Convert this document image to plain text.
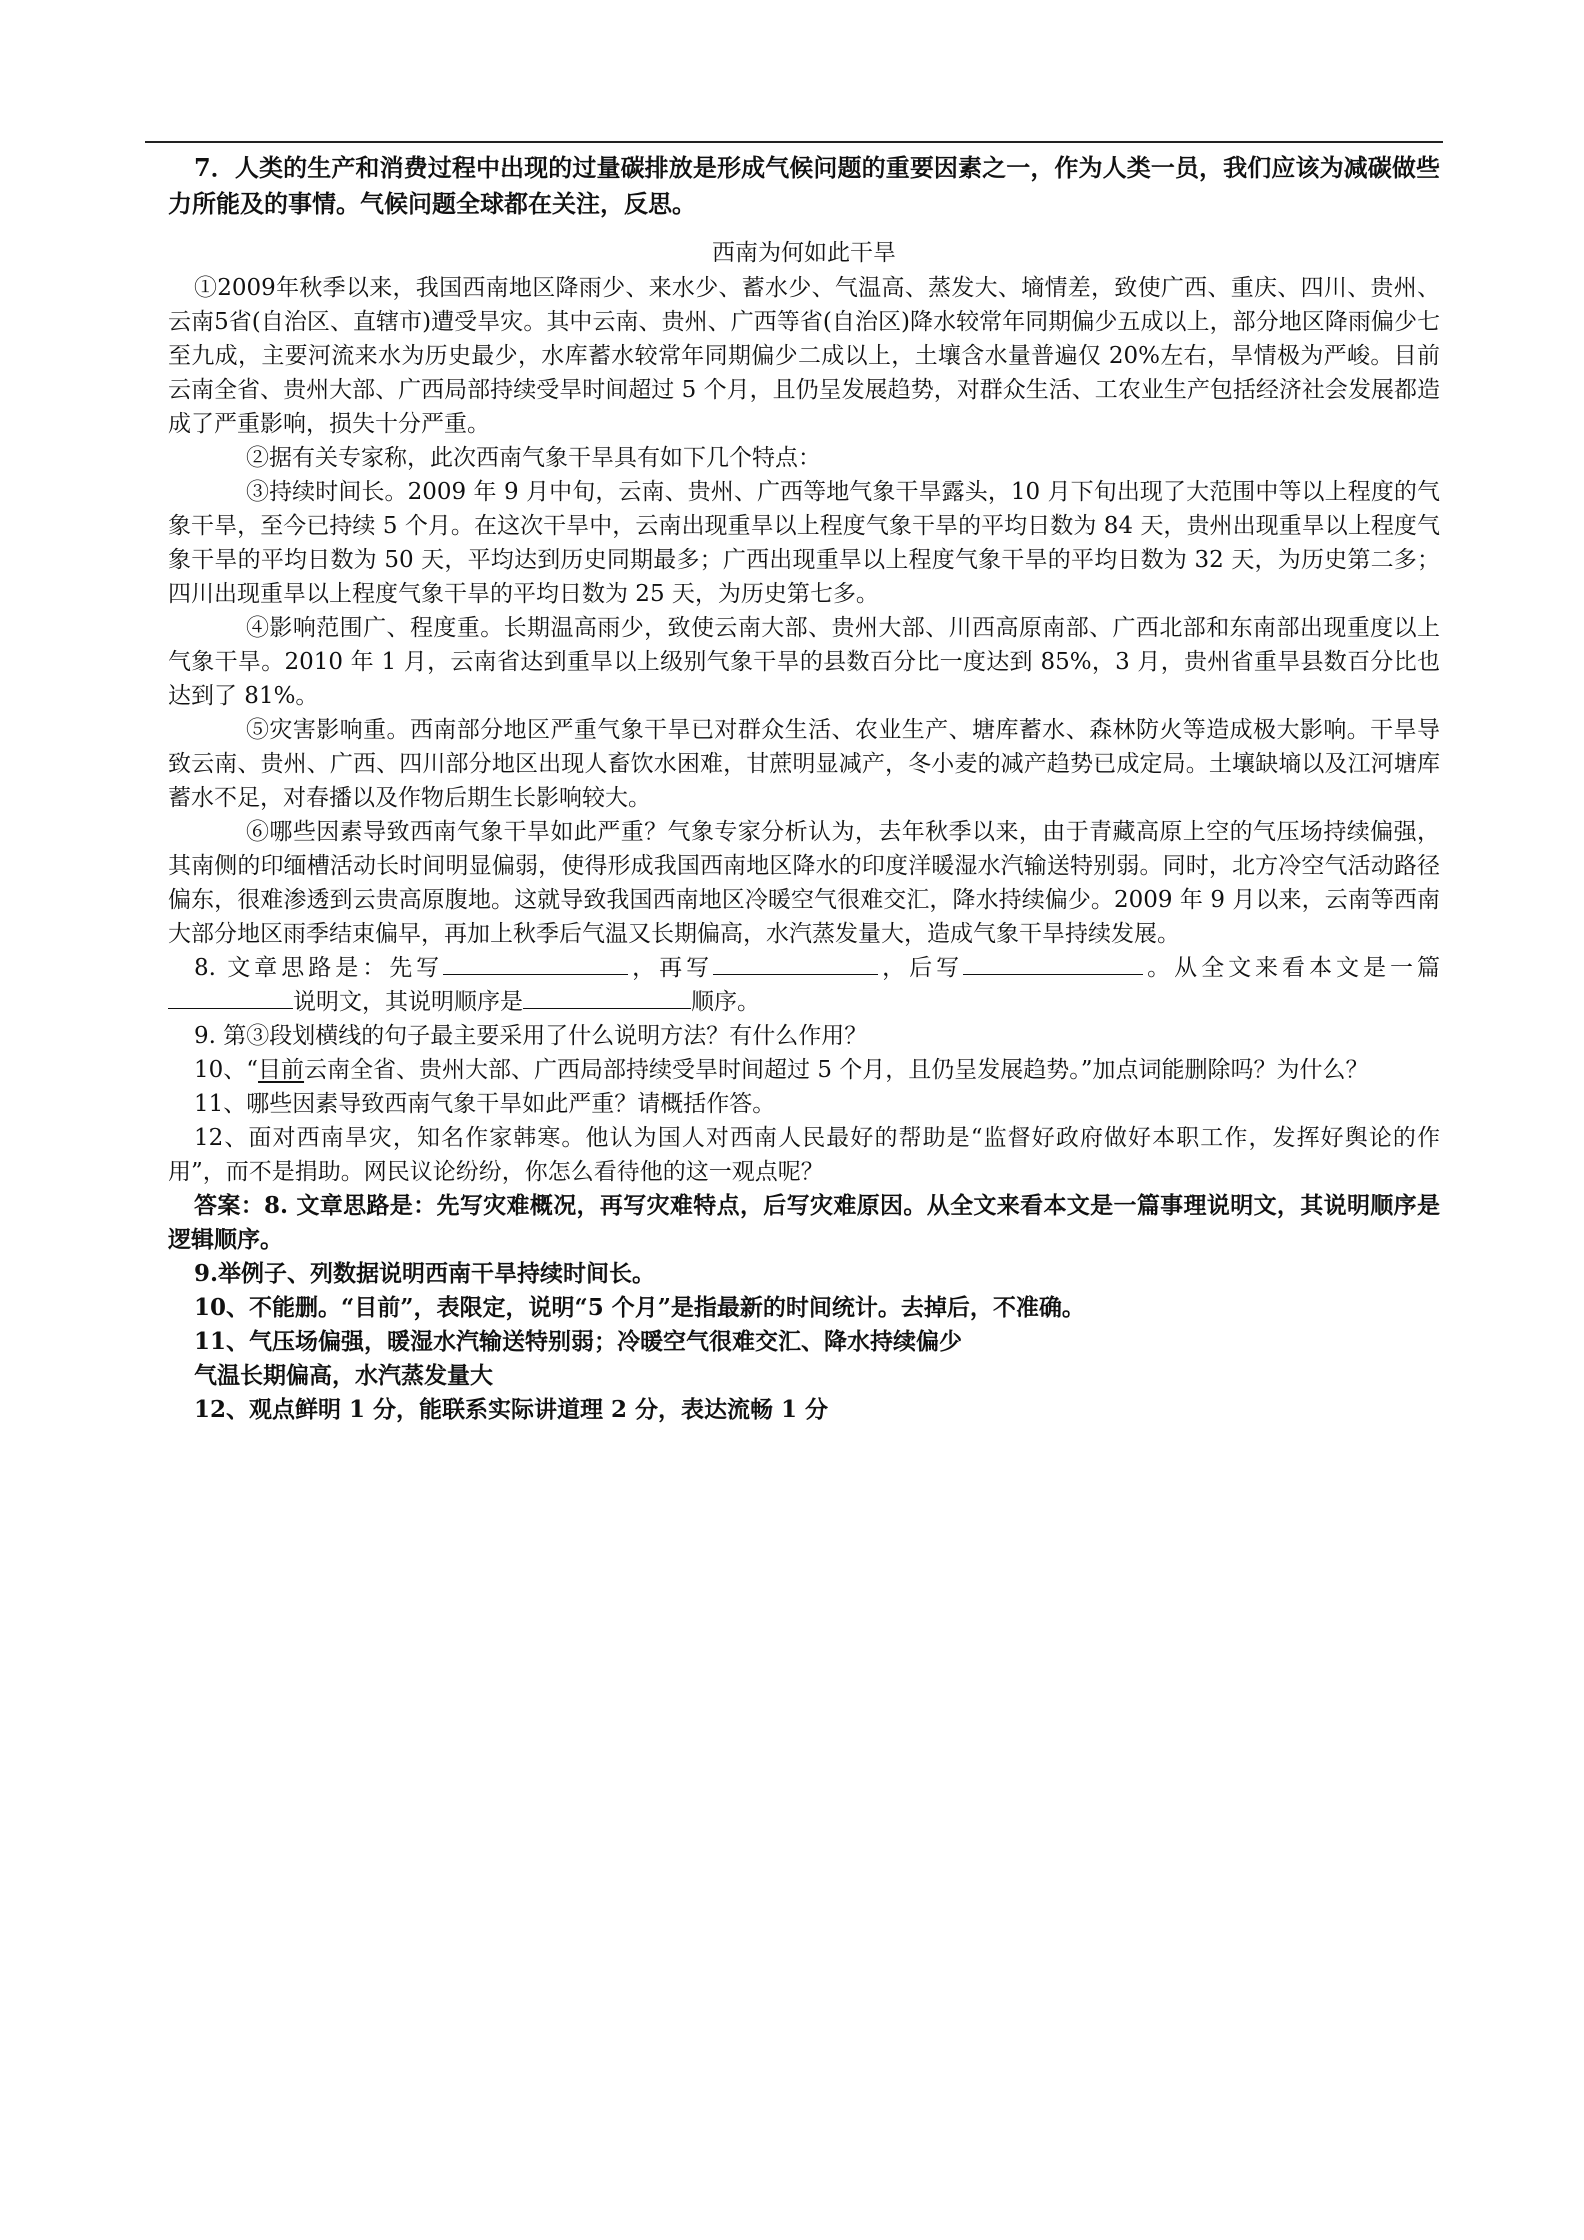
7．人类的生产和消费过程中出现的过量碳排放是形成气候问题的重要因素之一，作为人类一员，我们应该为减碳做些力所能及的事情。气候问题全球都在关注，反思。

西南为何如此干旱

①2009年秋季以来，我国西南地区降雨少、来水少、蓄水少、气温高、蒸发大、墒情差，致使广西、重庆、四川、贵州、云南5省(自治区、直辖市)遭受旱灾。其中云南、贵州、广西等省(自治区)降水较常年同期偏少五成以上，部分地区降雨偏少七至九成，主要河流来水为历史最少，水库蓄水较常年同期偏少二成以上，土壤含水量普遍仅 20%左右，旱情极为严峻。目前云南全省、贵州大部、广西局部持续受旱时间超过 5 个月，且仍呈发展趋势，对群众生活、工农业生产包括经济社会发展都造成了严重影响，损失十分严重。

②据有关专家称，此次西南气象干旱具有如下几个特点：

③持续时间长。2009 年 9 月中旬，云南、贵州、广西等地气象干旱露头，10 月下旬出现了大范围中等以上程度的气象干旱，至今已持续 5 个月。在这次干旱中，云南出现重旱以上程度气象干旱的平均日数为 84 天，贵州出现重旱以上程度气象干旱的平均日数为 50 天，平均达到历史同期最多；广西出现重旱以上程度气象干旱的平均日数为 32 天，为历史第二多；四川出现重旱以上程度气象干旱的平均日数为 25 天，为历史第七多。

④影响范围广、程度重。长期温高雨少，致使云南大部、贵州大部、川西高原南部、广西北部和东南部出现重度以上气象干旱。2010 年 1 月，云南省达到重旱以上级别气象干旱的县数百分比一度达到 85%，3 月，贵州省重旱县数百分比也达到了 81%。

⑤灾害影响重。西南部分地区严重气象干旱已对群众生活、农业生产、塘库蓄水、森林防火等造成极大影响。干旱导致云南、贵州、广西、四川部分地区出现人畜饮水困难，甘蔗明显减产，冬小麦的减产趋势已成定局。土壤缺墒以及江河塘库蓄水不足，对春播以及作物后期生长影响较大。

⑥哪些因素导致西南气象干旱如此严重？气象专家分析认为，去年秋季以来，由于青藏高原上空的气压场持续偏强，其南侧的印缅槽活动长时间明显偏弱，使得形成我国西南地区降水的印度洋暖湿水汽输送特别弱。同时，北方冷空气活动路径偏东，很难渗透到云贵高原腹地。这就导致我国西南地区冷暖空气很难交汇，降水持续偏少。2009 年 9 月以来，云南等西南大部分地区雨季结束偏早，再加上秋季后气温又长期偏高，水汽蒸发量大，造成气象干旱持续发展。

8. 文章思路是：先写	，再写	，后写	。从全文来看本文是一篇说明文，其说明顺序是	顺序。

9. 第③段划横线的句子最主要采用了什么说明方法？有什么作用？

10、“目前云南全省、贵州大部、广西局部持续受旱时间超过 5 个月，且仍呈发展趋势。”加点词能删除吗？为什么？

11、哪些因素导致西南气象干旱如此严重？请概括作答。

12、面对西南旱灾，知名作家韩寒。他认为国人对西南人民最好的帮助是“监督好政府做好本职工作，发挥好舆论的作用”，而不是捐助。网民议论纷纷，你怎么看待他的这一观点呢？

答案：8. 文章思路是：先写灾难概况，再写灾难特点，后写灾难原因。从全文来看本文是一篇事理说明文，其说明顺序是　逻辑顺序。

9.举例子、列数据说明西南干旱持续时间长。

10、不能删。“目前”，表限定，说明“5 个月”是指最新的时间统计。去掉后，不准确。

11、气压场偏强，暖湿水汽输送特别弱；冷暖空气很难交汇、降水持续偏少

气温长期偏高，水汽蒸发量大

12、观点鲜明 1 分，能联系实际讲道理 2 分，表达流畅 1 分
